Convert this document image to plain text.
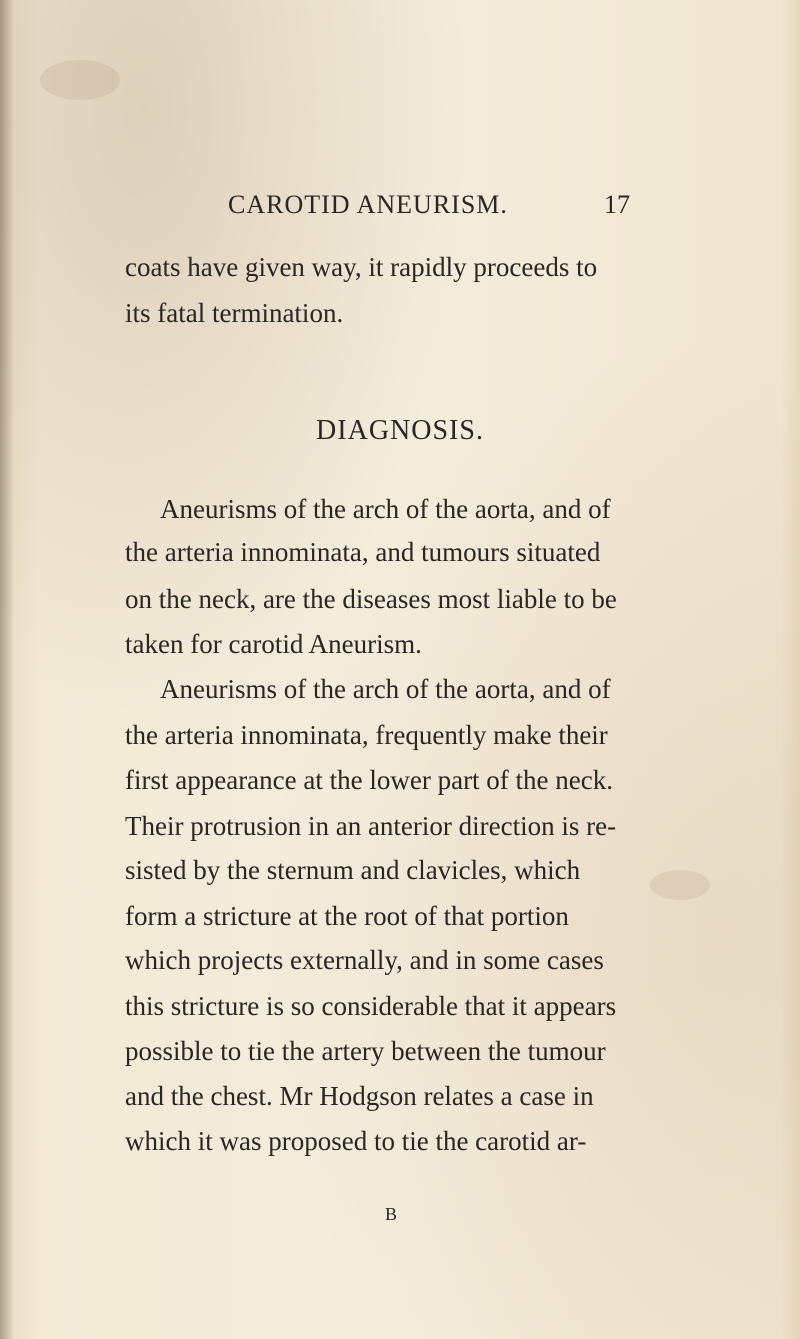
CAROTID ANEURISM.	17
coats have given way, it rapidly proceeds to
its fatal termination.
DIAGNOSIS.
Aneurisms of the arch of the aorta, and of
the arteria innominata, and tumours situated
on the neck, are the diseases most liable to be
taken for carotid Aneurism.
Aneurisms of the arch of the aorta, and of
the arteria innominata, frequently make their
first appearance at the lower part of the neck.
Their protrusion in an anterior direction is re-
sisted by the sternum and clavicles, which
form a stricture at the root of that portion
which projects externally, and in some cases
this stricture is so considerable that it appears
possible to tie the artery between the tumour
and the chest. Mr Hodgson relates a case in
which it was proposed to tie the carotid ar-
B
